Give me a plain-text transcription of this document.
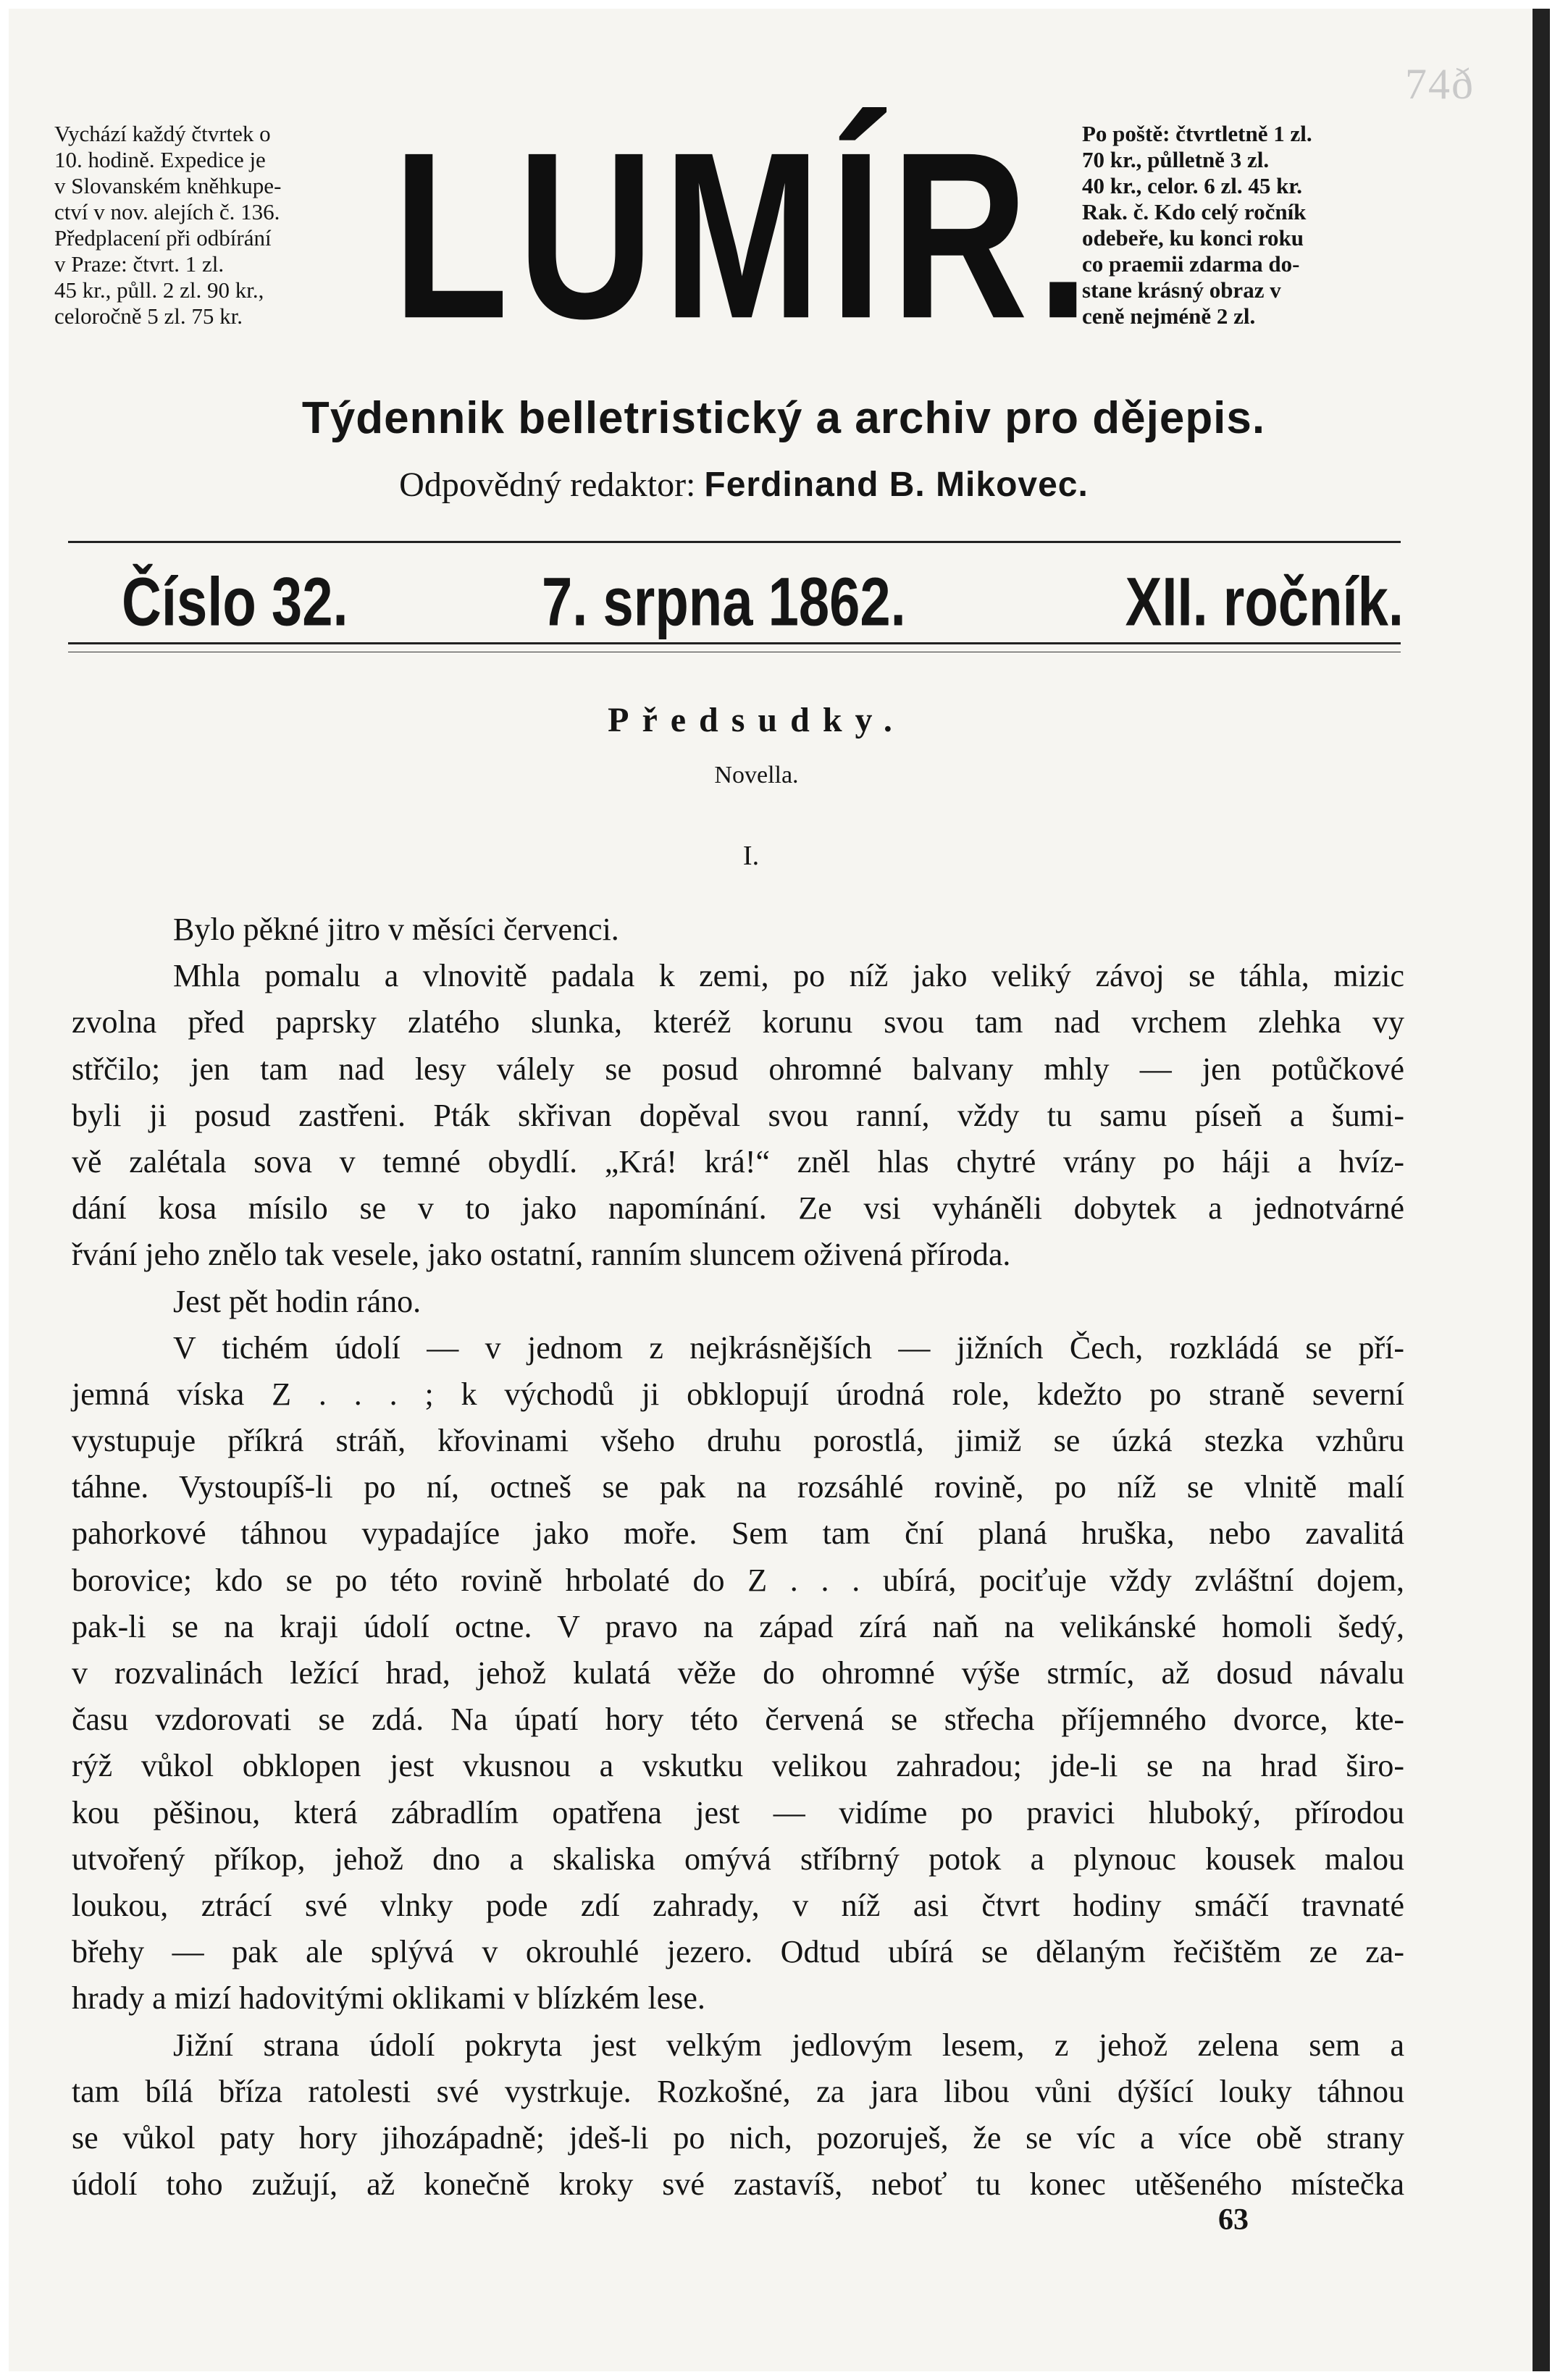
74ð
Vychází každý čtvrtek o
10. hodině. Expedice je
v Slovanském kněhkupe-
ctví v nov. alejích č. 136.
Předplacení při odbírání
v Praze: čtvrt. 1 zl.
45 kr., půll. 2 zl. 90 kr.,
celoročně 5 zl. 75 kr. LUMÍR.
Po poště: čtvrtletně 1 zl.
70 kr., půlletně 3 zl.
40 kr., celor. 6 zl. 45 kr.
Rak. č. Kdo celý ročník
odebeře, ku konci roku
co praemii zdarma do-
stane krásný obraz v
ceně nejméně 2 zl.
Týdennik belletristický a archiv pro dějepis.
Odpovědný redaktor: Ferdinand B. Mikovec.
Číslo 32.	7. srpna 1862.	XII. ročník.
Předsudky.
Novella.
I.
Bylo pěkné jitro v měsíci červenci.
Mhla pomalu a vlnovitě padala k zemi, po níž jako veliký závoj se táhla, mizic
zvolna před paprsky zlatého slunka, kteréž korunu svou tam nad vrchem zlehka vy
střčilo; jen tam nad lesy válely se posud ohromné balvany mhly — jen potůčkové
byli ji posud zastřeni. Pták skřivan dopěval svou ranní, vždy tu samu píseň a šumi-
vě zalétala sova v temné obydlí. „Krá! krá!“ zněl hlas chytré vrány po háji a hvíz-
dání kosa mísilo se v to jako napomínání. Ze vsi vyháněli dobytek a jednotvárné
řvání jeho znělo tak vesele, jako ostatní, ranním sluncem oživená příroda.
Jest pět hodin ráno.
V tichém údolí — v jednom z nejkrásnějších — jižních Čech, rozkládá se pří-
jemná víska Z . . . ; k východů ji obklopují úrodná role, kdežto po straně severní
vystupuje příkrá stráň, křovinami všeho druhu porostlá, jimiž se úzká stezka vzhůru
táhne. Vystoupíš-li po ní, octneš se pak na rozsáhlé rovině, po níž se vlnitě malí
pahorkové táhnou vypadajíce jako moře. Sem tam ční planá hruška, nebo zavalitá
borovice; kdo se po této rovině hrbolaté do Z . . . ubírá, pociťuje vždy zvláštní dojem,
pak-li se na kraji údolí octne. V pravo na západ zírá naň na velikánské homoli šedý,
v rozvalinách ležící hrad, jehož kulatá věže do ohromné výše strmíc, až dosud návalu
času vzdorovati se zdá. Na úpatí hory této červená se střecha příjemného dvorce, kte-
rýž vůkol obklopen jest vkusnou a vskutku velikou zahradou; jde-li se na hrad širo-
kou pěšinou, která zábradlím opatřena jest — vidíme po pravici hluboký, přírodou
utvořený příkop, jehož dno a skaliska omývá stříbrný potok a plynouc kousek malou
loukou, ztrácí své vlnky pode zdí zahrady, v níž asi čtvrt hodiny smáčí travnaté
břehy — pak ale splývá v okrouhlé jezero. Odtud ubírá se dělaným řečištěm ze za-
hrady a mizí hadovitými oklikami v blízkém lese.
Jižní strana údolí pokryta jest velkým jedlovým lesem, z jehož zelena sem a
tam bílá bříza ratolesti své vystrkuje. Rozkošné, za jara libou vůni dýšící louky táhnou
se vůkol paty hory jihozápadně; jdeš-li po nich, pozoruješ, že se víc a více obě strany
údolí toho zužují, až konečně kroky své zastavíš, neboť tu konec utěšeného místečka
63
